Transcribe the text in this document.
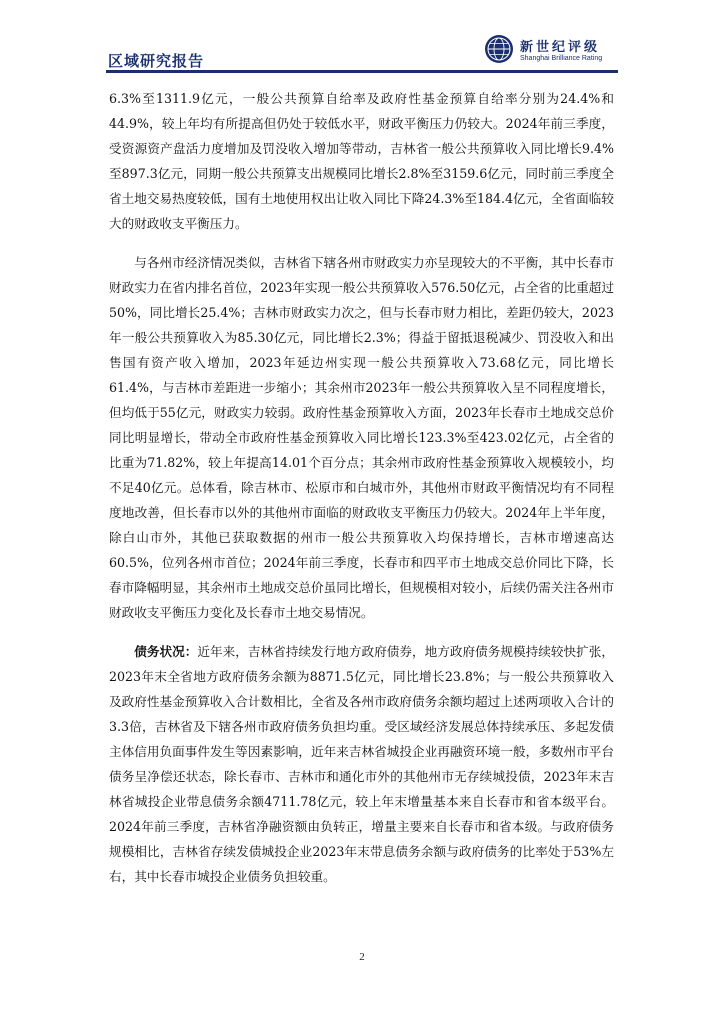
区域研究报告
新世纪评级
Shanghai Brilliance Rating

6.3%至1311.9亿元，一般公共预算自给率及政府性基金预算自给率分别为24.4%和44.9%，较上年均有所提高但仍处于较低水平，财政平衡压力仍较大。2024年前三季度，受资源资产盘活力度增加及罚没收入增加等带动，吉林省一般公共预算收入同比增长9.4%至897.3亿元，同期一般公共预算支出规模同比增长2.8%至3159.6亿元，同时前三季度全省土地交易热度较低，国有土地使用权出让收入同比下降24.3%至184.4亿元，全省面临较大的财政收支平衡压力。

与各州市经济情况类似，吉林省下辖各州市财政实力亦呈现较大的不平衡，其中长春市财政实力在省内排名首位，2023年实现一般公共预算收入576.50亿元，占全省的比重超过50%，同比增长25.4%；吉林市财政实力次之，但与长春市财力相比，差距仍较大，2023年一般公共预算收入为85.30亿元，同比增长2.3%；得益于留抵退税减少、罚没收入和出售国有资产收入增加，2023年延边州实现一般公共预算收入73.68亿元，同比增长61.4%，与吉林市差距进一步缩小；其余州市2023年一般公共预算收入呈不同程度增长，但均低于55亿元，财政实力较弱。政府性基金预算收入方面，2023年长春市土地成交总价同比明显增长，带动全市政府性基金预算收入同比增长123.3%至423.02亿元，占全省的比重为71.82%，较上年提高14.01个百分点；其余州市政府性基金预算收入规模较小，均不足40亿元。总体看，除吉林市、松原市和白城市外，其他州市财政平衡情况均有不同程度地改善，但长春市以外的其他州市面临的财政收支平衡压力仍较大。2024年上半年度，除白山市外，其他已获取数据的州市一般公共预算收入均保持增长，吉林市增速高达60.5%，位列各州市首位；2024年前三季度，长春市和四平市土地成交总价同比下降，长春市降幅明显，其余州市土地成交总价虽同比增长，但规模相对较小，后续仍需关注各州市财政收支平衡压力变化及长春市土地交易情况。

债务状况：近年来，吉林省持续发行地方政府债券，地方政府债务规模持续较快扩张，2023年末全省地方政府债务余额为8871.5亿元，同比增长23.8%；与一般公共预算收入及政府性基金预算收入合计数相比，全省及各州市政府债务余额均超过上述两项收入合计的3.3倍，吉林省及下辖各州市政府债务负担均重。受区域经济发展总体持续承压、多起发债主体信用负面事件发生等因素影响，近年来吉林省城投企业再融资环境一般，多数州市平台债务呈净偿还状态，除长春市、吉林市和通化市外的其他州市无存续城投债，2023年末吉林省城投企业带息债务余额4711.78亿元，较上年末增量基本来自长春市和省本级平台。2024年前三季度，吉林省净融资额由负转正，增量主要来自长春市和省本级。与政府债务规模相比，吉林省存续发债城投企业2023年末带息债务余额与政府债务的比率处于53%左右，其中长春市城投企业债务负担较重。

2
